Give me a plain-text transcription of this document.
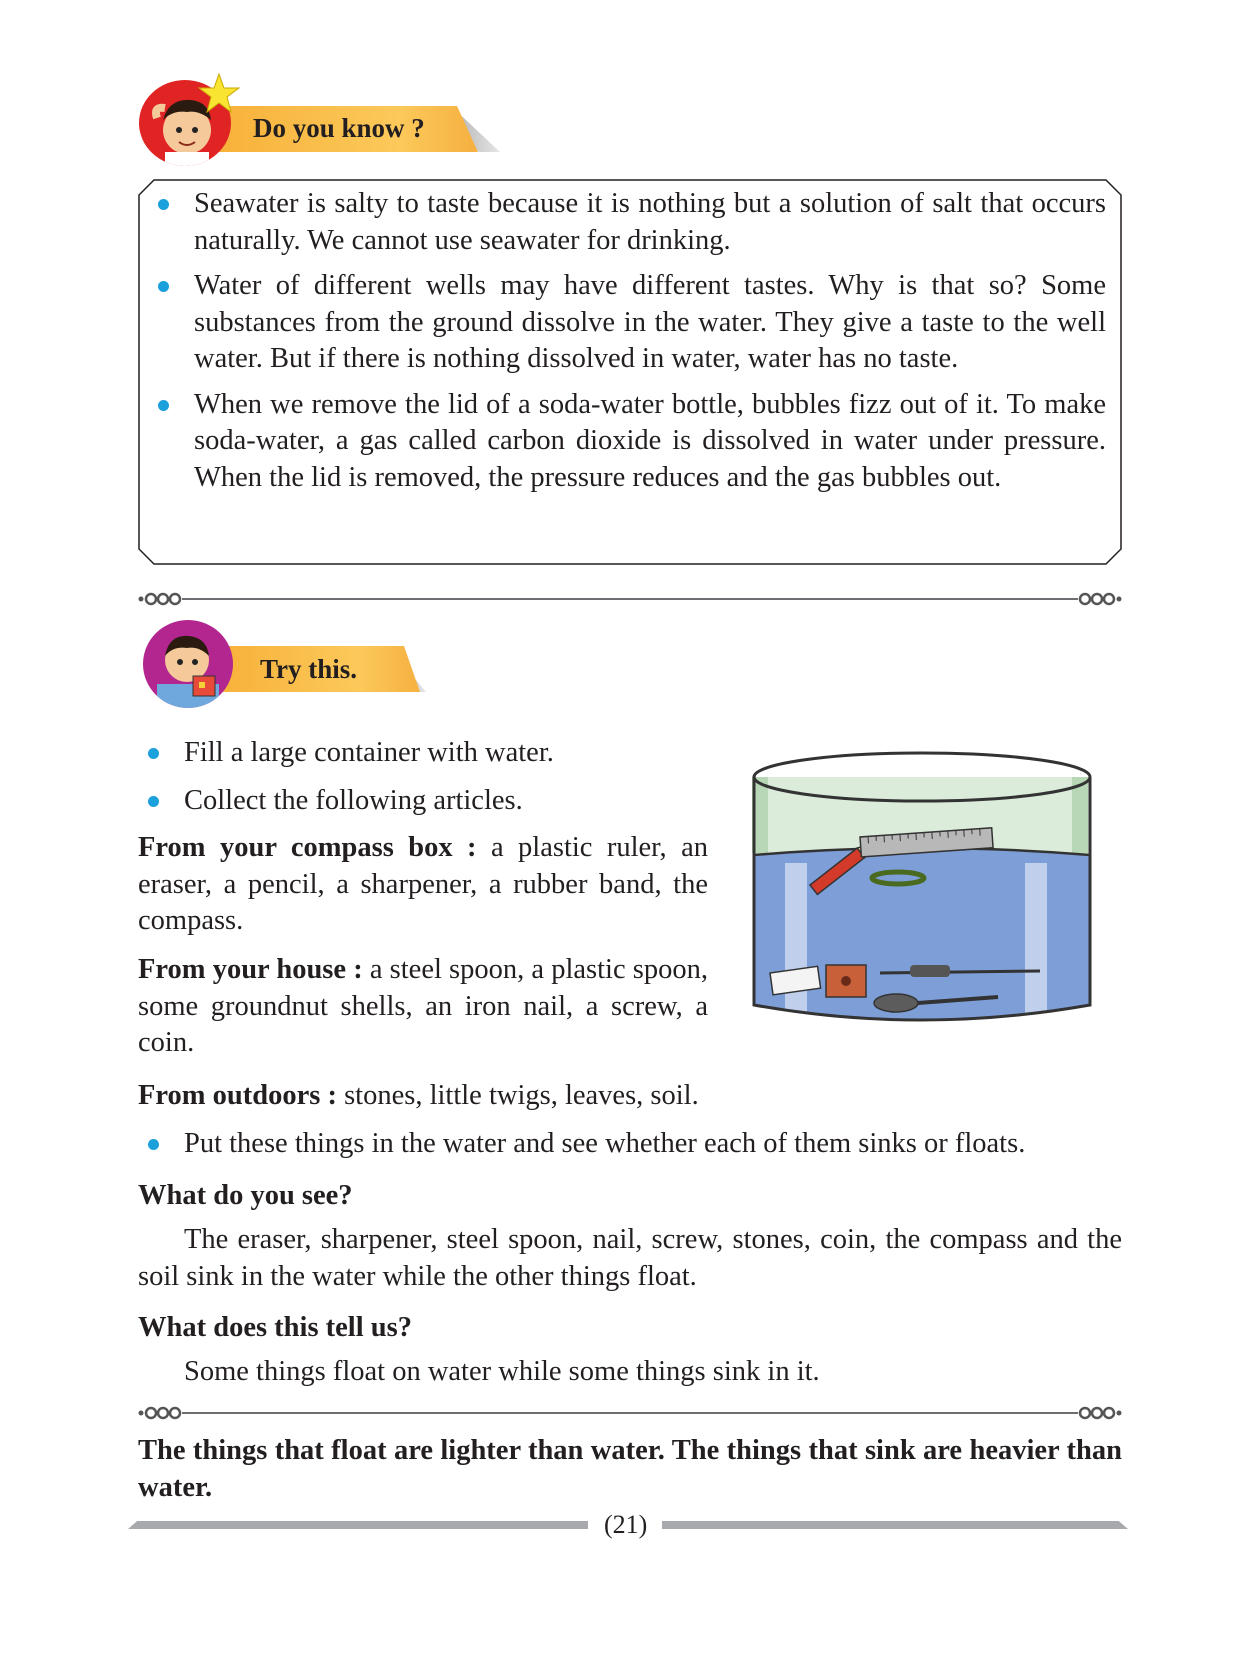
Do you know ?
Seawater is salty to taste because it is nothing but a solution of salt that occurs naturally. We cannot use seawater for drinking.
Water of different wells may have different tastes. Why is that so? Some substances from the ground dissolve in the water. They give a taste to the well water. But if there is nothing dissolved in water, water has no taste.
When we remove the lid of a soda-water bottle, bubbles fizz out of it. To make soda-water, a gas called carbon dioxide is dissolved in water under pressure. When the lid is removed, the pressure reduces and the gas bubbles out.
Try this.
Fill a large container with water.
Collect the following articles.
From your compass box : a plastic ruler, an eraser, a pencil, a sharpener, a rubber band, the compass.
From your house : a steel spoon, a plastic spoon, some groundnut shells, an iron nail, a screw, a coin.
From outdoors : stones, little twigs, leaves, soil.
Put these things in the water and see whether each of them sinks or floats.
What do you see?
The eraser, sharpener, steel spoon, nail, screw, stones, coin, the compass and the soil sink in the water while the other things float.
What does this tell us?
Some things float on water while some things sink in it.
The things that float are lighter than water. The things that sink are heavier than water.
(21)
